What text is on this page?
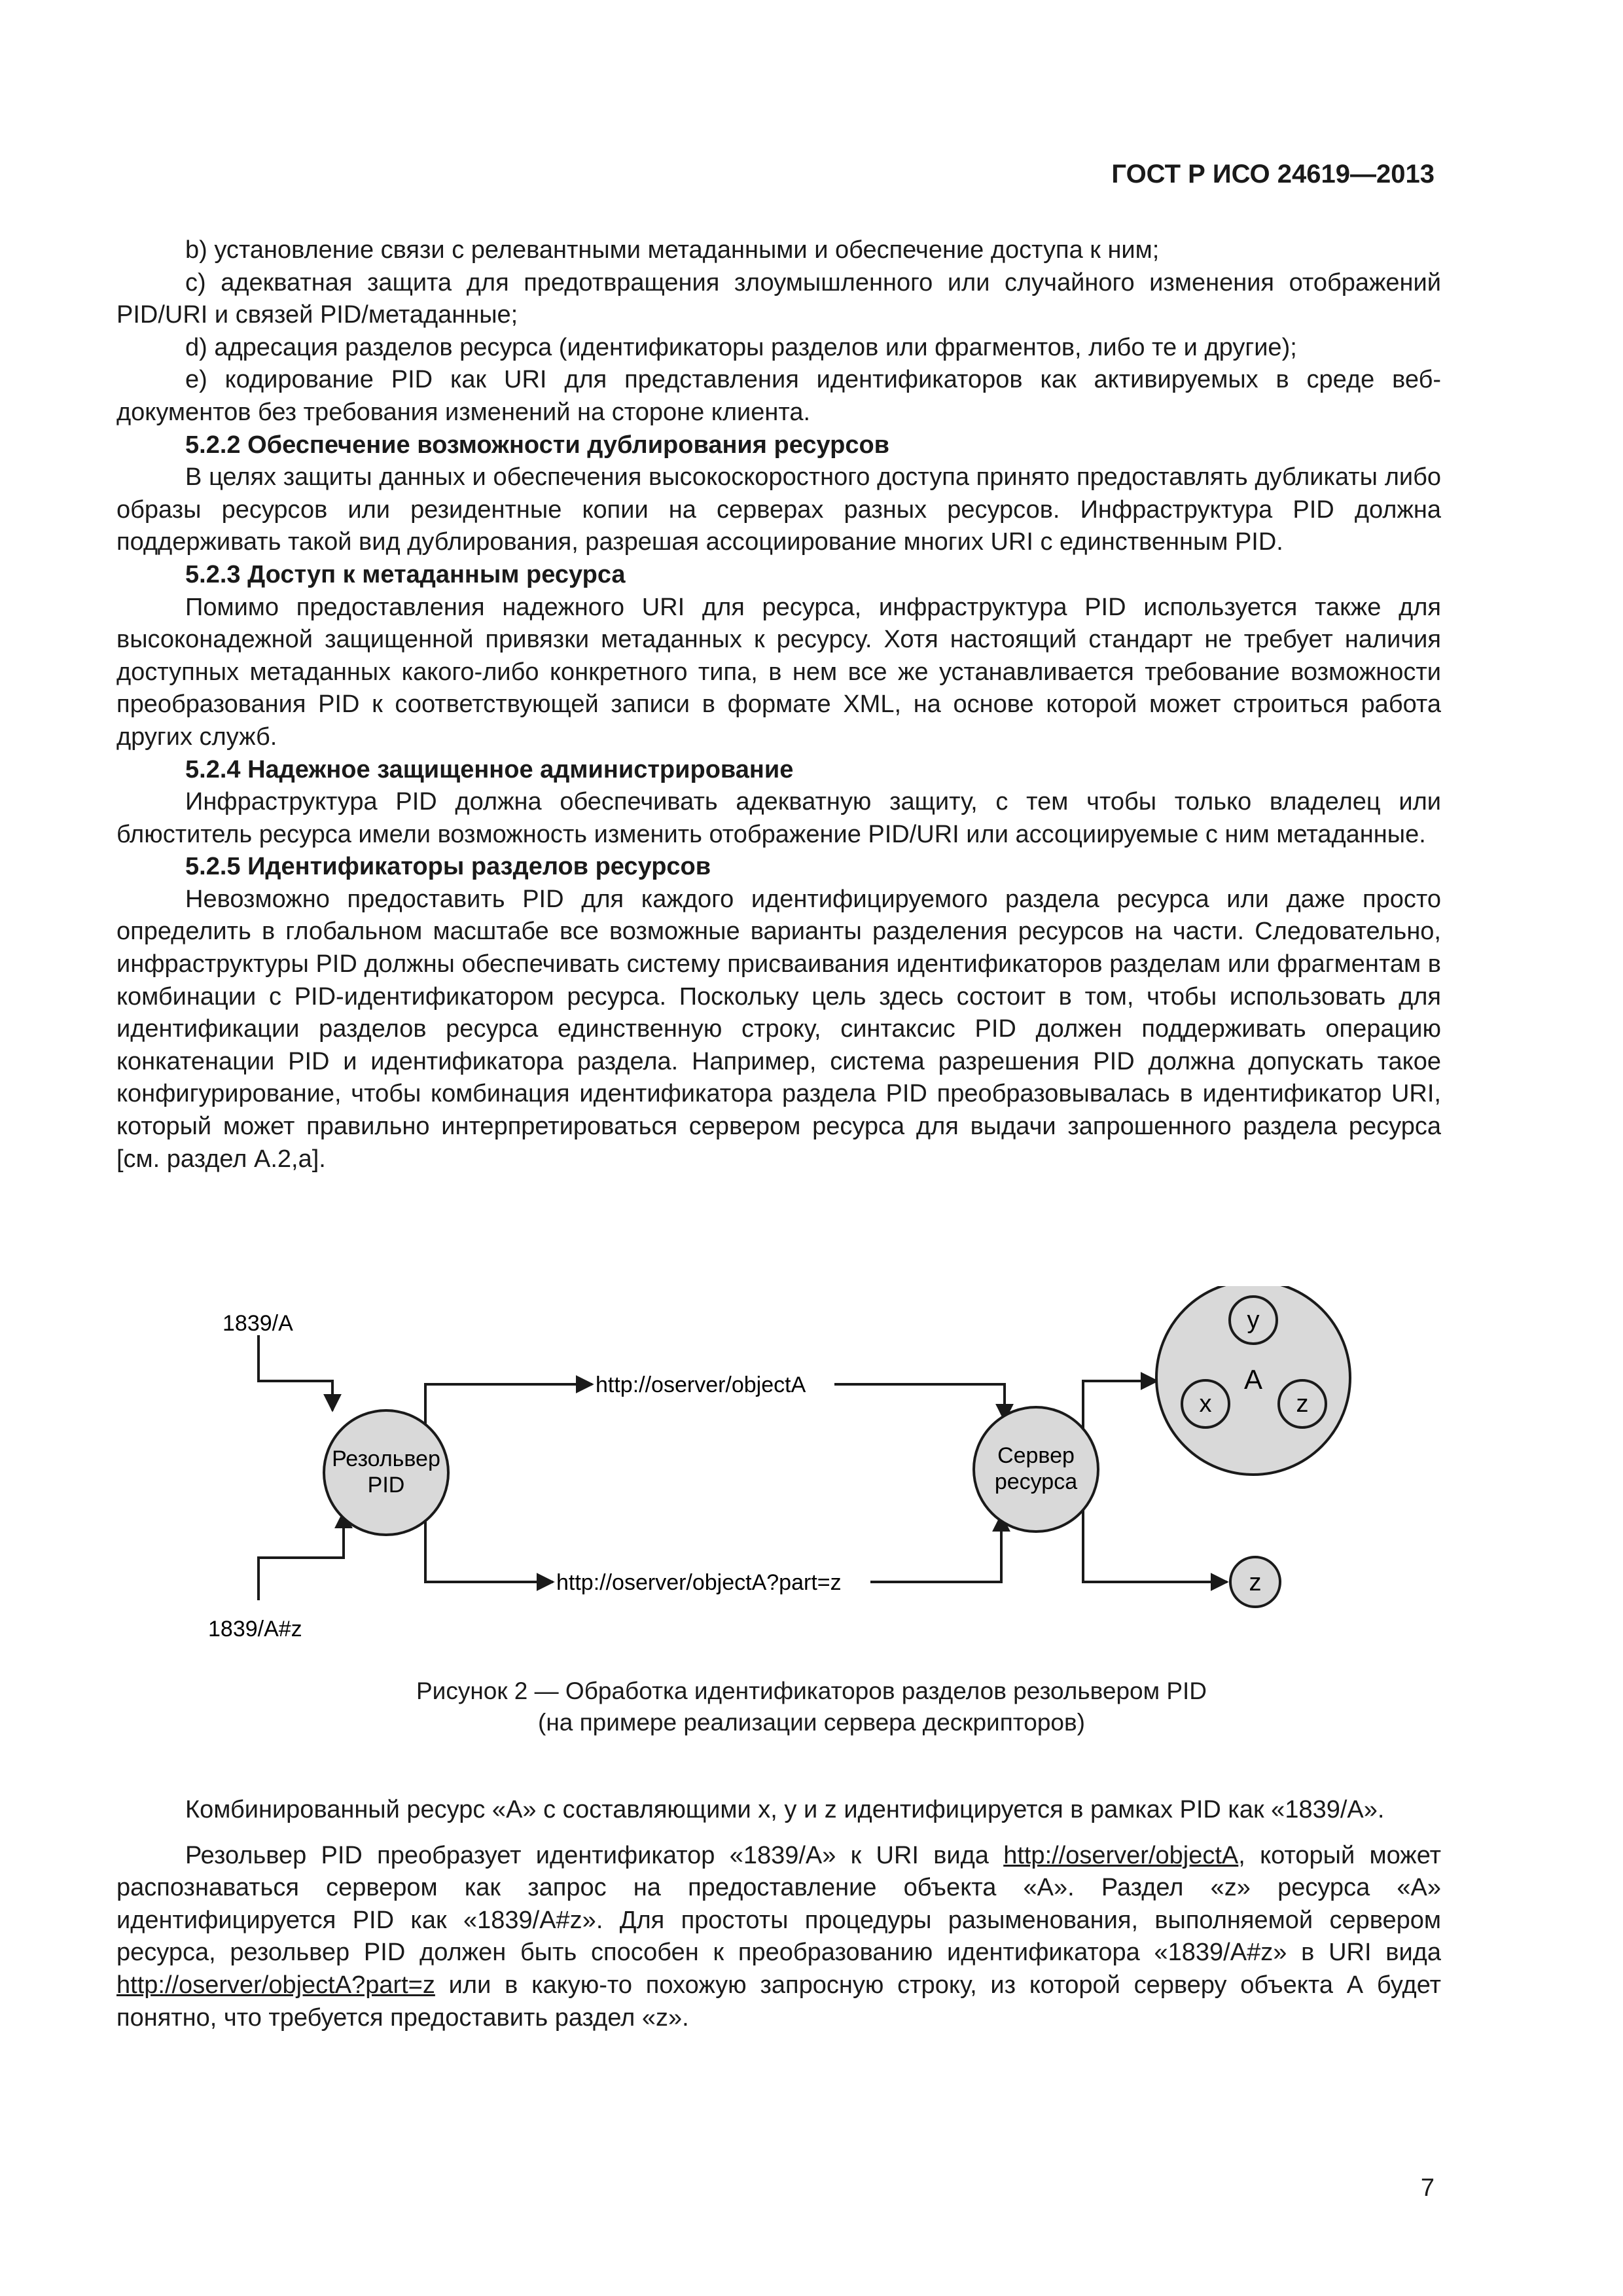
ГОСТ Р ИСО 24619—2013

b) установление связи с релевантными метаданными и обеспечение доступа к ним;

c) адекватная защита для предотвращения злоумышленного или случайного изменения отображений PID/URI и связей PID/метаданные;

d) адресация разделов ресурса (идентификаторы разделов или фрагментов, либо те и другие);

e) кодирование PID как URI для представления идентификаторов как активируемых в среде веб-документов без требования изменений на стороне клиента.

5.2.2 Обеспечение возможности дублирования ресурсов

В целях защиты данных и обеспечения высокоскоростного доступа принято предоставлять дубликаты либо образы ресурсов или резидентные копии на серверах разных ресурсов. Инфраструктура PID должна поддерживать такой вид дублирования, разрешая ассоциирование многих URI с единственным PID.

5.2.3 Доступ к метаданным ресурса

Помимо предоставления надежного URI для ресурса, инфраструктура PID используется также для высоконадежной защищенной привязки метаданных к ресурсу. Хотя настоящий стандарт не требует наличия доступных метаданных какого-либо конкретного типа, в нем все же устанавливается требование возможности преобразования PID к соответствующей записи в формате XML, на основе которой может строиться работа других служб.

5.2.4 Надежное защищенное администрирование

Инфраструктура PID должна обеспечивать адекватную защиту, с тем чтобы только владелец или блюститель ресурса имели возможность изменить отображение PID/URI или ассоциируемые с ним метаданные.

5.2.5 Идентификаторы разделов ресурсов

Невозможно предоставить PID для каждого идентифицируемого раздела ресурса или даже просто определить в глобальном масштабе все возможные варианты разделения ресурсов на части. Следовательно, инфраструктуры PID должны обеспечивать систему присваивания идентификаторов разделам или фрагментам в комбинации с PID-идентификатором ресурса. Поскольку цель здесь состоит в том, чтобы использовать для идентификации разделов ресурса единственную строку, синтаксис PID должен поддерживать операцию конкатенации PID и идентификатора раздела. Например, система разрешения PID должна допускать такое конфигурирование, чтобы комбинация идентификатора раздела PID преобразовывалась в идентификатор URI, который может правильно интерпретироваться сервером ресурса для выдачи запрошенного раздела ресурса [см. раздел А.2,а].

Резольвер
PID
Сервер
ресурса
A
y
x	z
z
1839/A
1839/A#z
http://oserver/objectA
http://oserver/objectA?part=z
Рисунок 2 — Обработка идентификаторов разделов резольвером PID
(на примере реализации сервера дескрипторов)

Комбинированный ресурс «А» с составляющими x, y и z идентифицируется в рамках PID как «1839/А».

Резольвер PID преобразует идентификатор «1839/A» к URI вида http://oserver/objectA, который может распознаваться сервером как запрос на предоставление объекта «А». Раздел «z» ресурса «А» идентифицируется PID как «1839/A#z». Для простоты процедуры разыменования, выполняемой сервером ресурса, резольвер PID должен быть способен к преобразованию идентификатора «1839/A#z» в URI вида http://oserver/objectA?part=z или в какую-то похожую запросную строку, из которой серверу объекта А будет понятно, что требуется предоставить раздел «z».

7
